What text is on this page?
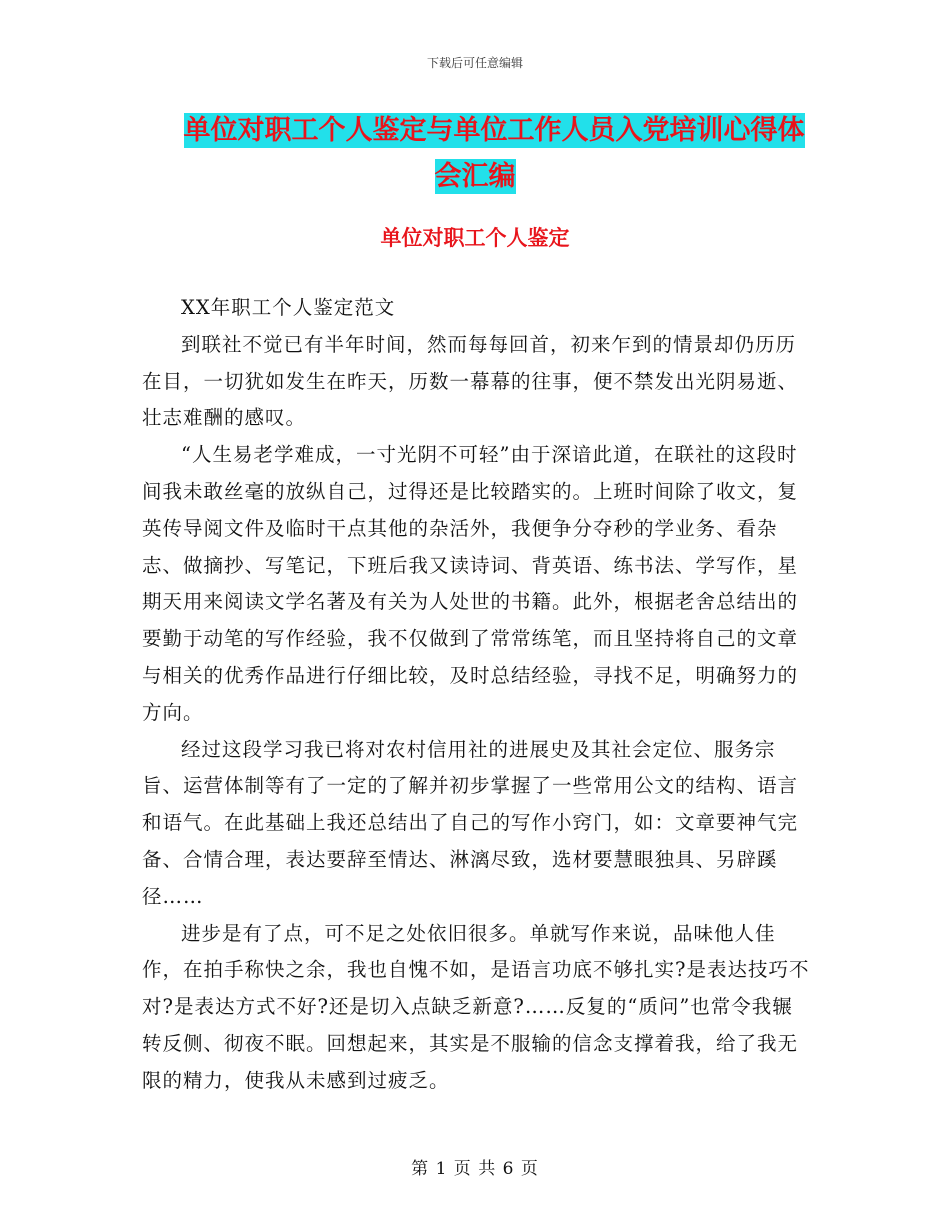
下载后可任意编辑
单位对职工个人鉴定与单位工作人员入党培训心得体
会汇编
单位对职工个人鉴定

XX年职工个人鉴定范文

到联社不觉已有半年时间，然而每每回首，初来乍到的情景却仍历历在目，一切犹如发生在昨天，历数一幕幕的往事，便不禁发出光阴易逝、壮志难酬的感叹。

“人生易老学难成，一寸光阴不可轻”由于深谙此道，在联社的这段时间我未敢丝毫的放纵自己，过得还是比较踏实的。上班时间除了收文，复英传导阅文件及临时干点其他的杂活外，我便争分夺秒的学业务、看杂志、做摘抄、写笔记，下班后我又读诗词、背英语、练书法、学写作，星期天用来阅读文学名著及有关为人处世的书籍。此外，根据老舍总结出的要勤于动笔的写作经验，我不仅做到了常常练笔，而且坚持将自己的文章与相关的优秀作品进行仔细比较，及时总结经验，寻找不足，明确努力的方向。

经过这段学习我已将对农村信用社的进展史及其社会定位、服务宗旨、运营体制等有了一定的了解并初步掌握了一些常用公文的结构、语言和语气。在此基础上我还总结出了自己的写作小窍门，如：文章要神气完备、合情合理，表达要辞至情达、淋漓尽致，选材要慧眼独具、另辟蹊径……

进步是有了点，可不足之处依旧很多。单就写作来说，品味他人佳作，在拍手称快之余，我也自愧不如，是语言功底不够扎实?是表达技巧不对?是表达方式不好?还是切入点缺乏新意?……反复的“质问”也常令我辗转反侧、彻夜不眠。回想起来，其实是不服输的信念支撑着我，给了我无限的精力，使我从未感到过疲乏。

第 1 页 共 6 页
